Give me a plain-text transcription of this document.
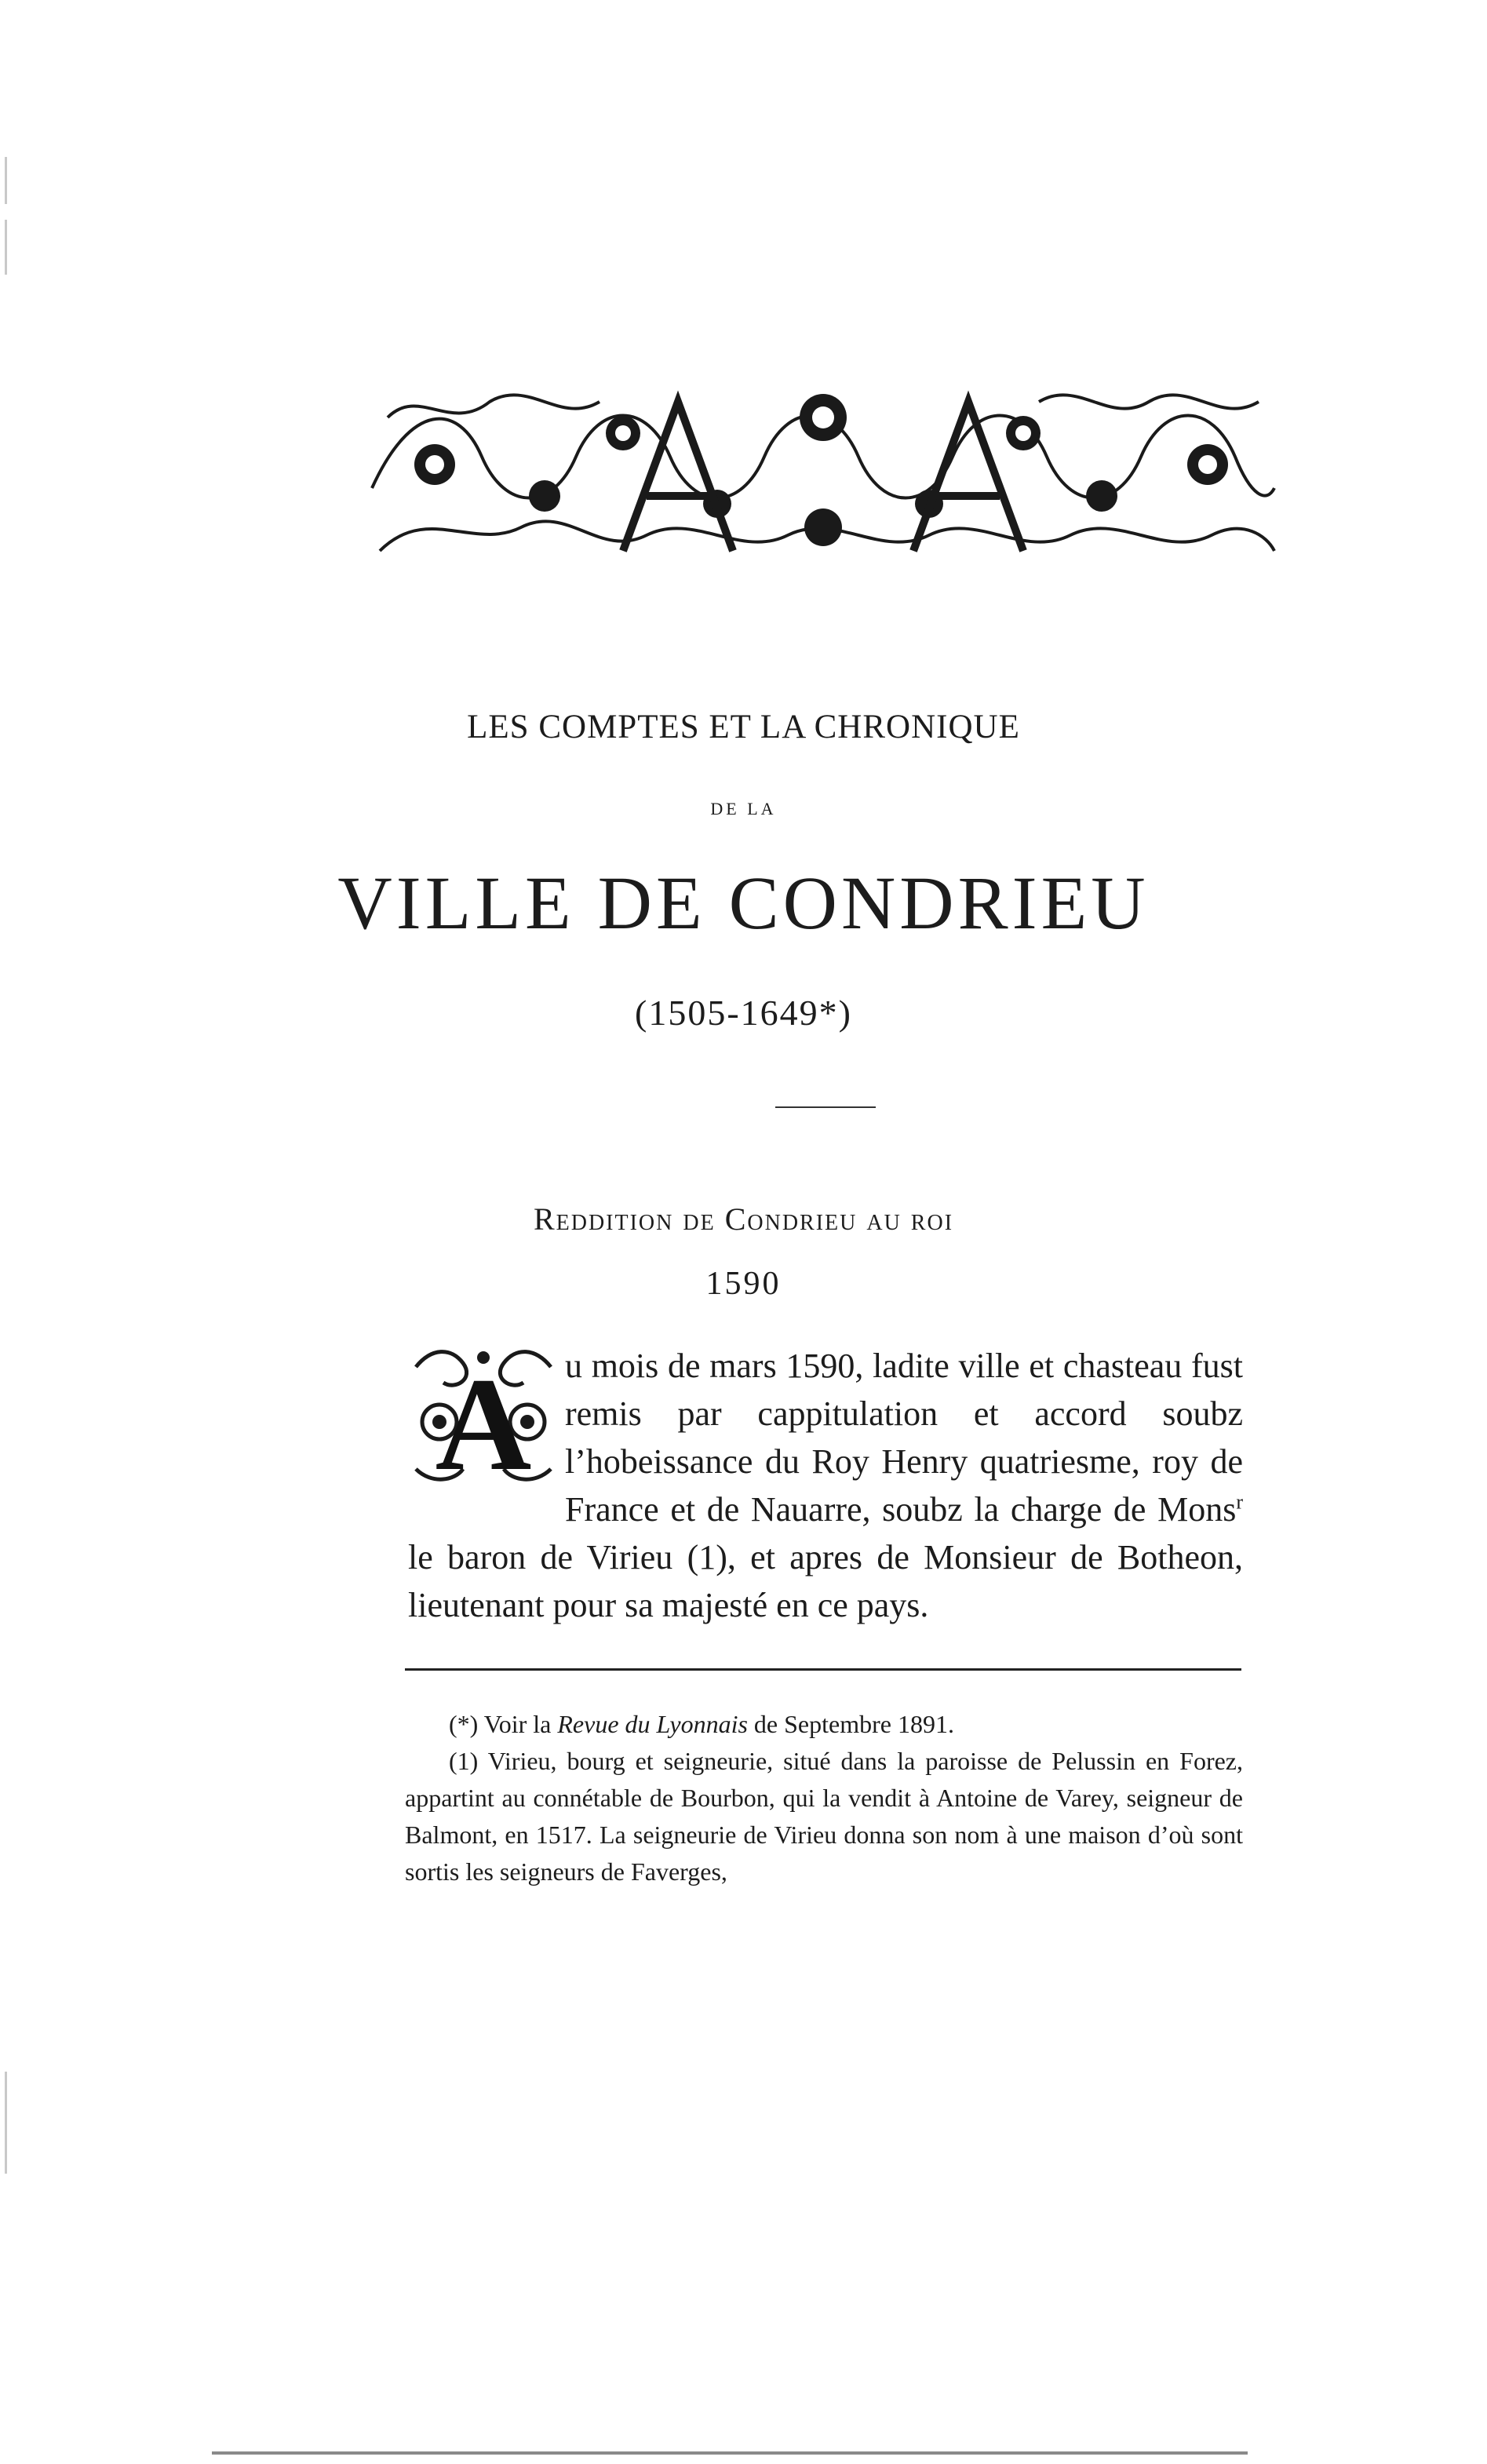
LES COMPTES ET LA CHRONIQUE
DE LA
VILLE DE CONDRIEU
(1505-1649*)
Reddition de Condrieu au roi
1590
A u mois de mars 1590, ladite ville et chasteau fust remis par cappitulation et accord soubz l’hobeissance du Roy Henry quatriesme, roy de France et de Nauarre, soubz la charge de Mons$^r$ le baron de Virieu (1), et apres de Monsieur de Botheon, lieutenant pour sa majesté en ce pays.

(*) Voir la Revue du Lyonnais de Septembre 1891.

(1) Virieu, bourg et seigneurie, situé dans la paroisse de Pelussin en Forez, appartint au connétable de Bourbon, qui la vendit à Antoine de Varey, seigneur de Balmont, en 1517. La seigneurie de Virieu donna son nom à une maison d’où sont sortis les seigneurs de Faverges,
